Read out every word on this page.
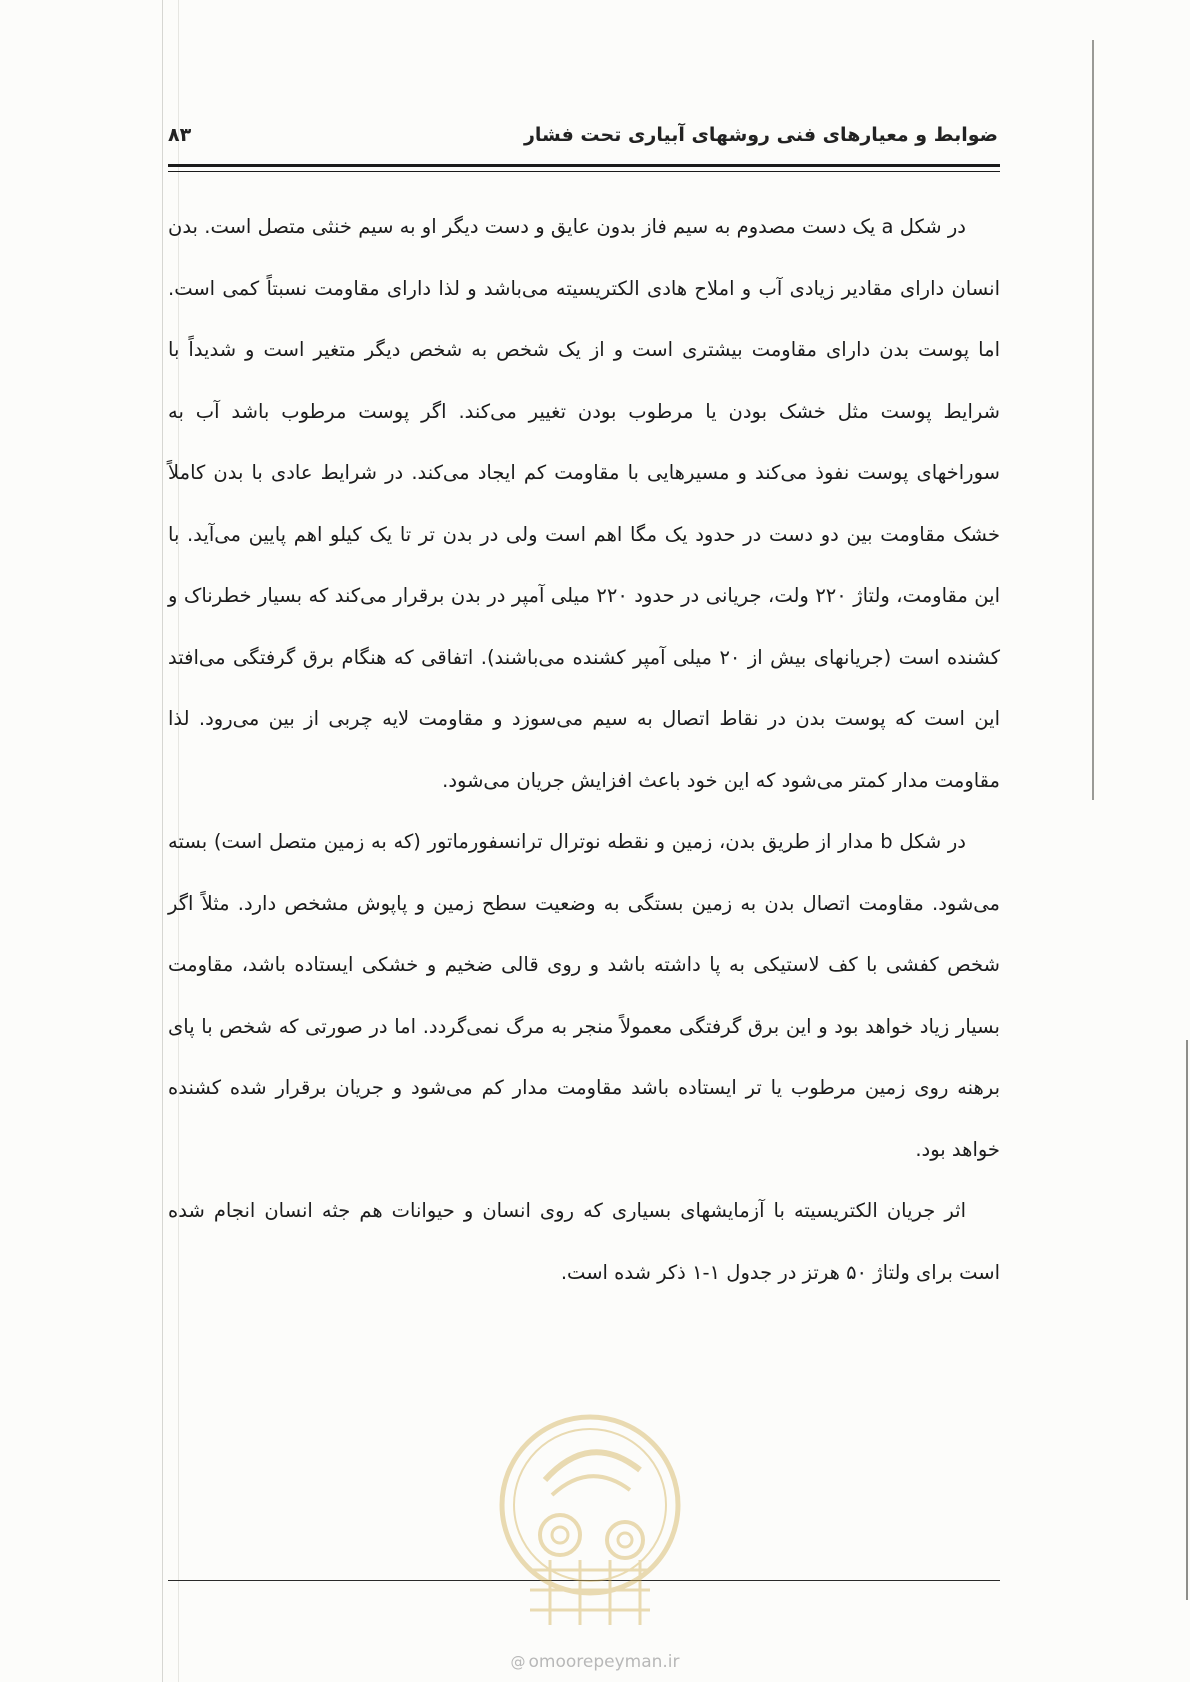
ضوابط و معیارهای فنی روشهای آبیاری تحت فشار
۸۳

در شکل a یک دست مصدوم به سیم فاز بدون عایق و دست دیگر او به سیم خنثی متصل است. بدن انسان دارای مقادیر زیادی آب و املاح هادی الکتریسیته می‌باشد و لذا دارای مقاومت نسبتاً کمی است. اما پوست بدن دارای مقاومت بیشتری است و از یک شخص به شخص دیگر متغیر است و شدیداً با شرایط پوست مثل خشک بودن یا مرطوب بودن تغییر می‌کند. اگر پوست مرطوب باشد آب به سوراخهای پوست نفوذ می‌کند و مسیرهایی با مقاومت کم ایجاد می‌کند. در شرایط عادی با بدن کاملاً خشک مقاومت بین دو دست در حدود یک مگا اهم است ولی در بدن تر تا یک کیلو اهم پایین می‌آید. با این مقاومت، ولتاژ ۲۲۰ ولت، جریانی در حدود ۲۲۰ میلی آمپر در بدن برقرار می‌کند که بسیار خطرناک و کشنده است (جریانهای بیش از ۲۰ میلی آمپر کشنده می‌باشند). اتفاقی که هنگام برق گرفتگی می‌افتد این است که پوست بدن در نقاط اتصال به سیم می‌سوزد و مقاومت لایه چربی از بین می‌رود. لذا مقاومت مدار کمتر می‌شود که این خود باعث افزایش جریان می‌شود.

در شکل b مدار از طریق بدن، زمین و نقطه نوترال ترانسفورماتور (که به زمین متصل است) بسته می‌شود. مقاومت اتصال بدن به زمین بستگی به وضعیت سطح زمین و پاپوش مشخص دارد. مثلاً اگر شخص کفشی با کف لاستیکی به پا داشته باشد و روی قالی ضخیم و خشکی ایستاده باشد، مقاومت بسیار زیاد خواهد بود و این برق گرفتگی معمولاً منجر به مرگ نمی‌گردد. اما در صورتی که شخص با پای برهنه روی زمین مرطوب یا تر ایستاده باشد مقاومت مدار کم می‌شود و جریان برقرار شده کشنده خواهد بود.

اثر جریان الکتریسیته با آزمایشهای بسیاری که روی انسان و حیوانات هم جثه انسان انجام شده است برای ولتاژ ۵۰ هرتز در جدول ۱-۱ ذکر شده است.

@ omoorepeyman.ir
